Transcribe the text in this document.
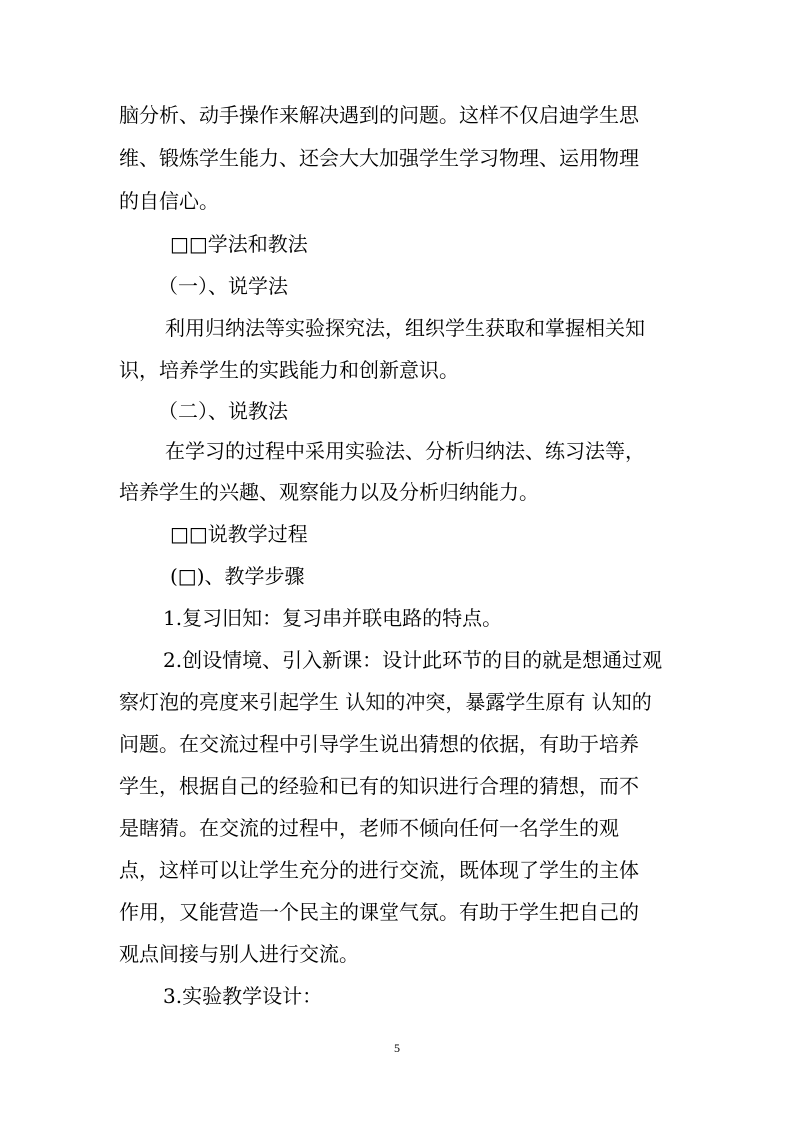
脑分析、动手操作来解决遇到的问题。这样不仅启迪学生思
维、锻炼学生能力、还会大大加强学生学习物理、运用物理
的自信心。
□□学法和教法
（一）、说学法
利用归纳法等实验探究法，组织学生获取和掌握相关知
识，培养学生的实践能力和创新意识。
（二）、说教法
在学习的过程中采用实验法、分析归纳法、练习法等，
培养学生的兴趣、观察能力以及分析归纳能力。
□□说教学过程
(□)、教学步骤
1.复习旧知：复习串并联电路的特点。
2.创设情境、引入新课：设计此环节的目的就是想通过观
察灯泡的亮度来引起学生 认知的冲突，暴露学生原有 认知的
问题。在交流过程中引导学生说出猜想的依据，有助于培养
学生，根据自己的经验和已有的知识进行合理的猜想，而不
是瞎猜。在交流的过程中，老师不倾向任何一名学生的观
点，这样可以让学生充分的进行交流，既体现了学生的主体
作用，又能营造一个民主的课堂气氛。有助于学生把自己的
观点间接与别人进行交流。
3.实验教学设计：
5
